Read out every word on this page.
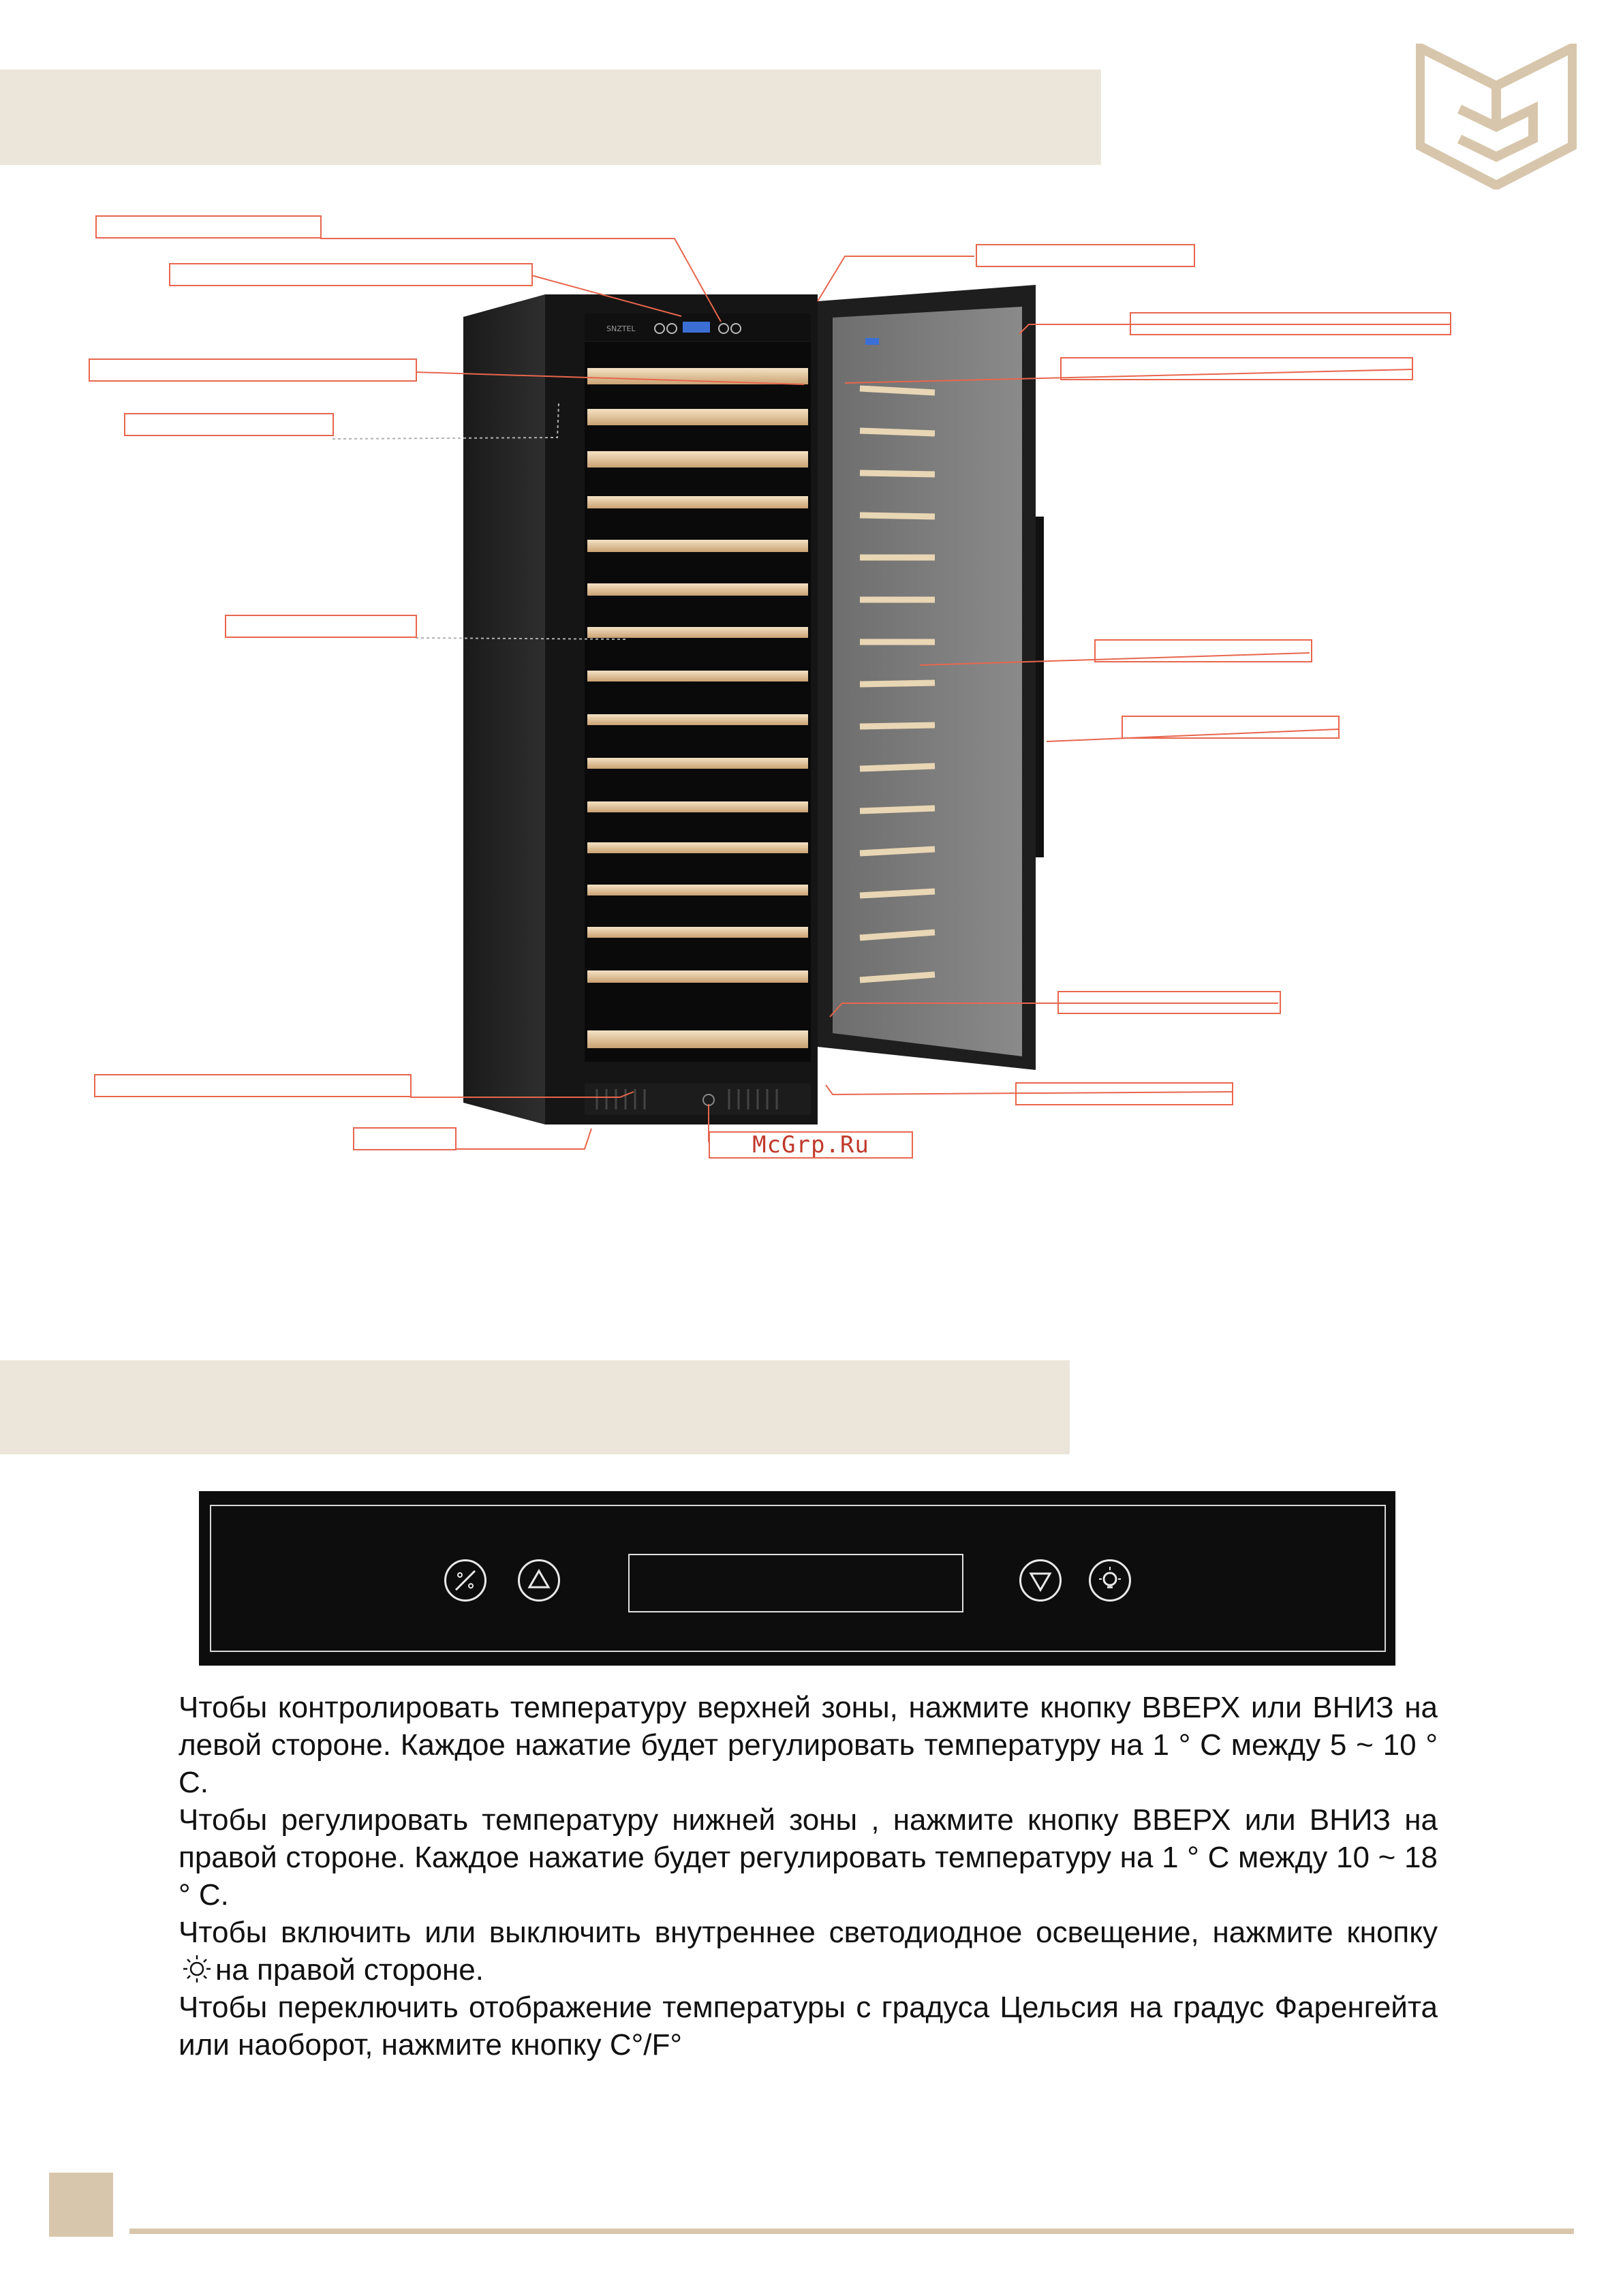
SNZTEL
McGrp.Ru

Чтобы контролировать температуру верхней зоны, нажмите кнопку ВВЕРХ или ВНИЗ на левой стороне. Каждое нажатие будет регулировать температуру на 1 ° C между 5 ~ 10 ° C.

Чтобы регулировать температуру нижней зоны , нажмите кнопку ВВЕРХ или ВНИЗ на правой стороне. Каждое нажатие будет регулировать температуру на 1 ° C между 10 ~ 18 ° C.

Чтобы включить или выключить внутреннее светодиодное освещение, нажмите кнопку

на правой стороне.

Чтобы переключить отображение температуры с градуса Цельсия на градус Фаренгейта или наоборот, нажмите кнопку C°/F°
